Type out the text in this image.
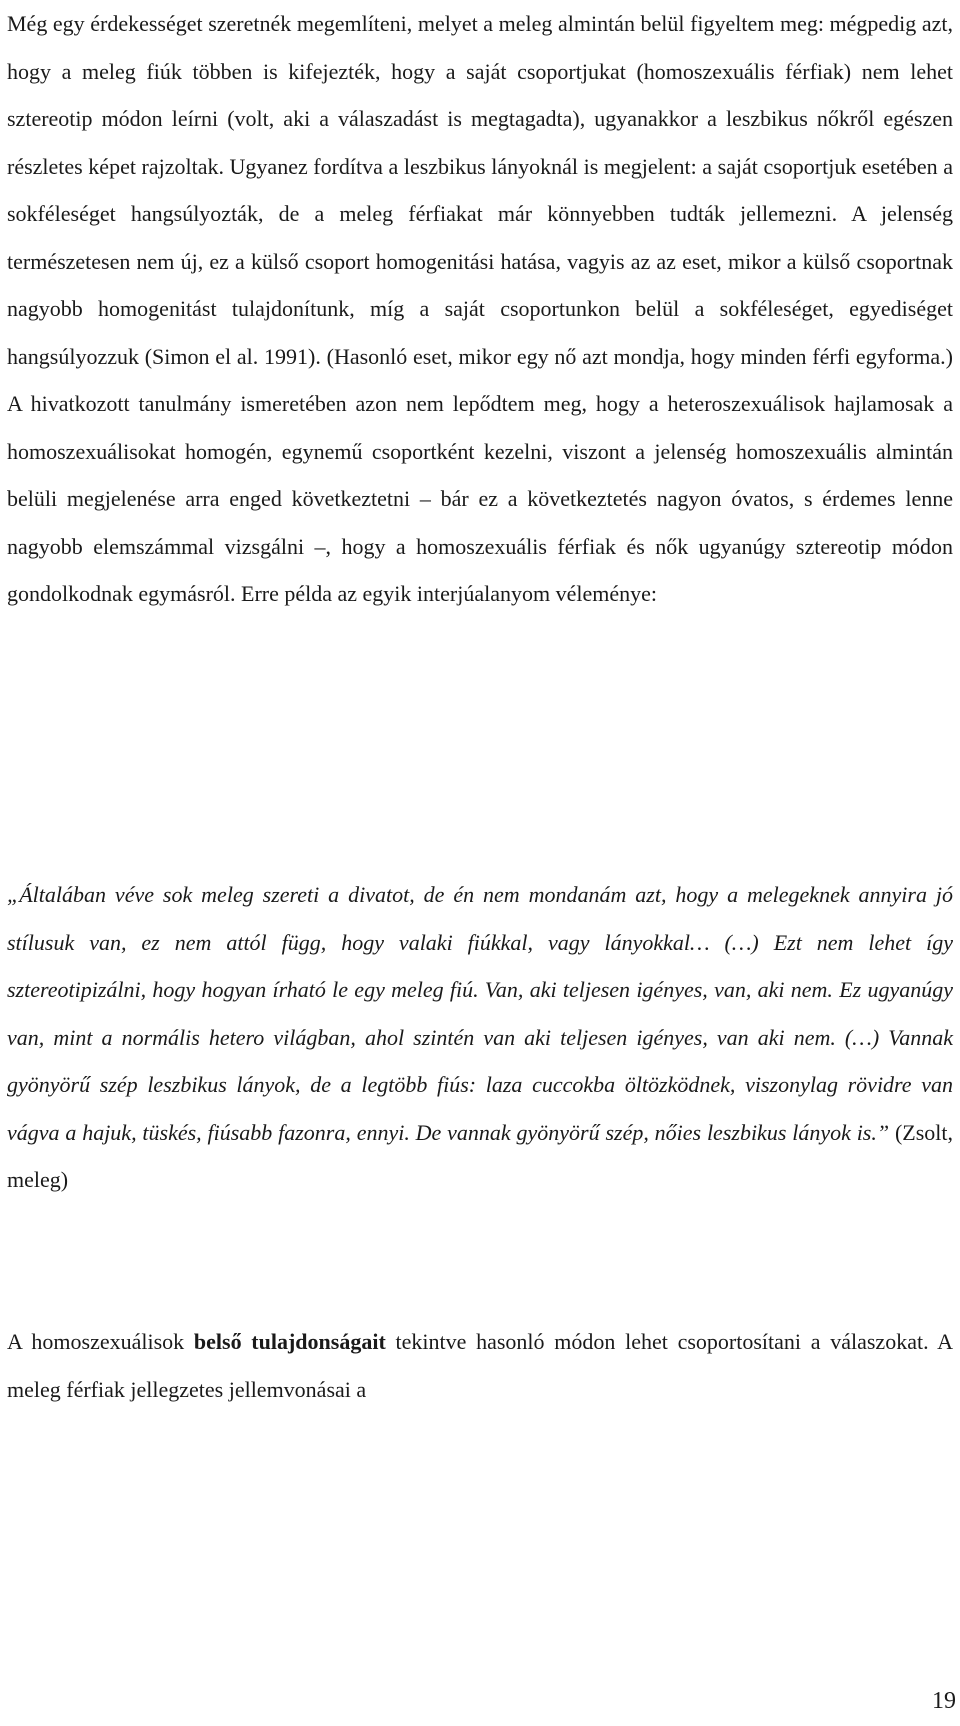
Még egy érdekességet szeretnék megemlíteni, melyet a meleg almintán belül figyeltem meg: mégpedig azt, hogy a meleg fiúk többen is kifejezték, hogy a saját csoportjukat (homoszexuális férfiak) nem lehet sztereotip módon leírni (volt, aki a válaszadást is megtagadta), ugyanakkor a leszbikus nőkről egészen részletes képet rajzoltak. Ugyanez fordítva a leszbikus lányoknál is megjelent: a saját csoportjuk esetében a sokféleséget hangsúlyozták, de a meleg férfiakat már könnyebben tudták jellemezni. A jelenség természetesen nem új, ez a külső csoport homogenitási hatása, vagyis az az eset, mikor a külső csoportnak nagyobb homogenitást tulajdonítunk, míg a saját csoportunkon belül a sokféleséget, egyediséget hangsúlyozzuk (Simon el al. 1991). (Hasonló eset, mikor egy nő azt mondja, hogy minden férfi egyforma.) A hivatkozott tanulmány ismeretében azon nem lepődtem meg, hogy a heteroszexuálisok hajlamosak a homoszexuálisokat homogén, egynemű csoportként kezelni, viszont a jelenség homoszexuális almintán belüli megjelenése arra enged következtetni – bár ez a következtetés nagyon óvatos, s érdemes lenne nagyobb elemszámmal vizsgálni –, hogy a homoszexuális férfiak és nők ugyanúgy sztereotip módon gondolkodnak egymásról. Erre példa az egyik interjúalanyom véleménye:

„Általában véve sok meleg szereti a divatot, de én nem mondanám azt, hogy a melegeknek annyira jó stílusuk van, ez nem attól függ, hogy valaki fiúkkal, vagy lányokkal… (…) Ezt nem lehet így sztereotipizálni, hogy hogyan írható le egy meleg fiú. Van, aki teljesen igényes, van, aki nem. Ez ugyanúgy van, mint a normális hetero világban, ahol szintén van aki teljesen igényes, van aki nem. (…) Vannak gyönyörű szép leszbikus lányok, de a legtöbb fiús: laza cuccokba öltözködnek, viszonylag rövidre van vágva a hajuk, tüskés, fiúsabb fazonra, ennyi. De vannak gyönyörű szép, nőies leszbikus lányok is.” (Zsolt, meleg)

A homoszexuálisok belső tulajdonságait tekintve hasonló módon lehet csoportosítani a válaszokat. A meleg férfiak jellegzetes jellemvonásai a

19
